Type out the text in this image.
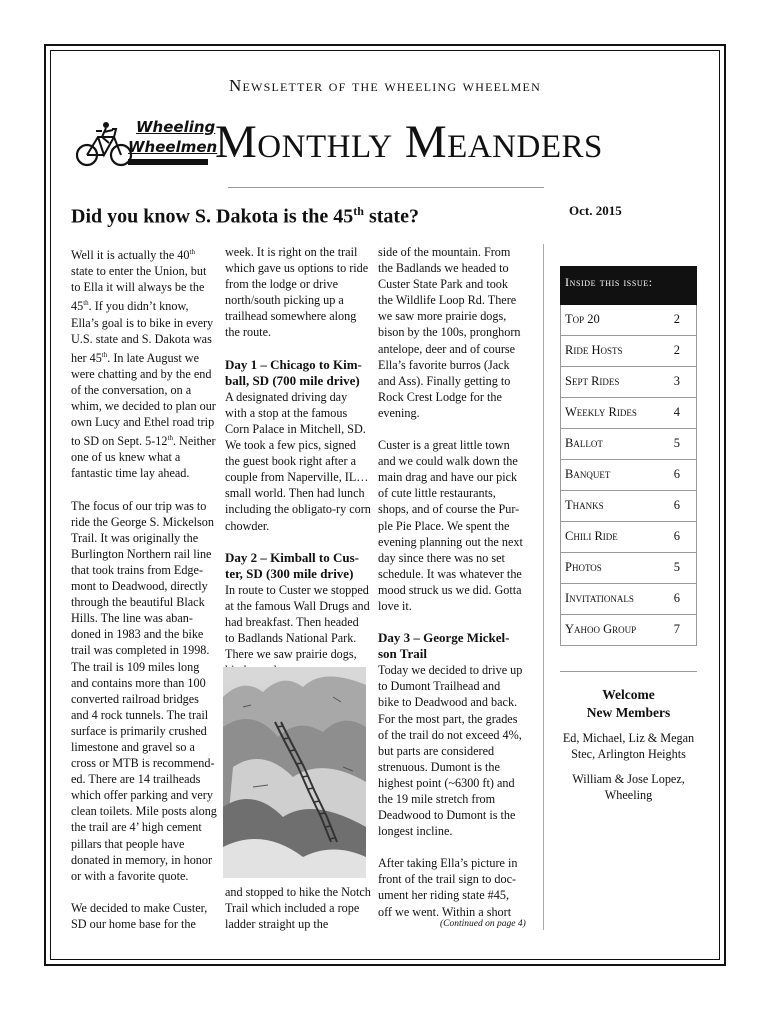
Newsletter of the wheeling wheelmen
Wheeling
Wheelmen
Monthly Meanders
Did you know S. Dakota is the 45th state?	Oct. 2015

Well it is actually the 40th state to enter the Union, but to Ella it will always be the 45th. If you didn’t know, Ella’s goal is to bike in every U.S. state and S. Dakota was her 45th. In late August we were chatting and by the end of the conversation, on a whim, we decided to plan our own Lucy and Ethel road trip to SD on Sept. 5-12th. Neither one of us knew what a fantastic time lay ahead.

The focus of our trip was to ride the George S. Mickelson Trail. It was originally the Burlington Northern rail line that took trains from Edge-mont to Deadwood, directly through the beautiful Black Hills. The line was aban-doned in 1983 and the bike trail was completed in 1998. The trail is 109 miles long and contains more than 100 converted railroad bridges and 4 rock tunnels. The trail surface is primarily crushed limestone and gravel so a cross or MTB is recommend-ed. There are 14 trailheads which offer parking and very clean toilets. Mile posts along the trail are 4’ high cement pillars that people have donated in memory, in honor or with a favorite quote.

We decided to make Custer, SD our home base for the

week. It is right on the trail which gave us options to ride from the lodge or drive north/south picking up a trailhead somewhere along the route.

Day 1 – Chicago to Kim-ball, SD (700 mile drive)

A designated driving day with a stop at the famous Corn Palace in Mitchell, SD. We took a few pics, signed the guest book right after a couple from Naperville, IL…small world. Then had lunch including the obligato-ry corn chowder.

Day 2 – Kimball to Cus-ter, SD (300 mile drive)

In route to Custer we stopped at the famous Wall Drugs and had breakfast. Then headed to Badlands National Park. There we saw prairie dogs,

and stopped to hike the Notch Trail which included a rope ladder straight up the

side of the mountain. From the Badlands we headed to Custer State Park and took the Wildlife Loop Rd. There we saw more prairie dogs, bison by the 100s, pronghorn antelope, deer and of course Ella’s favorite burros (Jack and Ass). Finally getting to Rock Crest Lodge for the evening.

Custer is a great little town and we could walk down the main drag and have our pick of cute little restaurants, shops, and of course the Pur-ple Pie Place. We spent the evening planning out the next day since there was no set schedule. It was whatever the mood struck us we did. Gotta love it.

Day 3 – George Mickel-son Trail

Today we decided to drive up to Dumont Trailhead and bike to Deadwood and back. For the most part, the grades of the trail do not exceed 4%, but parts are considered strenuous. Dumont is the highest point (~6300 ft) and the 19 mile stretch from Deadwood to Dumont is the longest incline.

After taking Ella’s picture in front of the trail sign to doc-ument her riding state #45, off we went. Within a short

(Continued on page 4)
Inside this issue:
Top 20	2
Ride Hosts	2
Sept Rides	3
Weekly Rides	4
Ballot	5
Banquet	6
Thanks	6
Chili Ride	6
Photos	5
Invitationals	6
Yahoo Group	7
Welcome
New Members

Ed, Michael, Liz & Megan Stec, Arlington Heights

William & Jose Lopez, Wheeling
